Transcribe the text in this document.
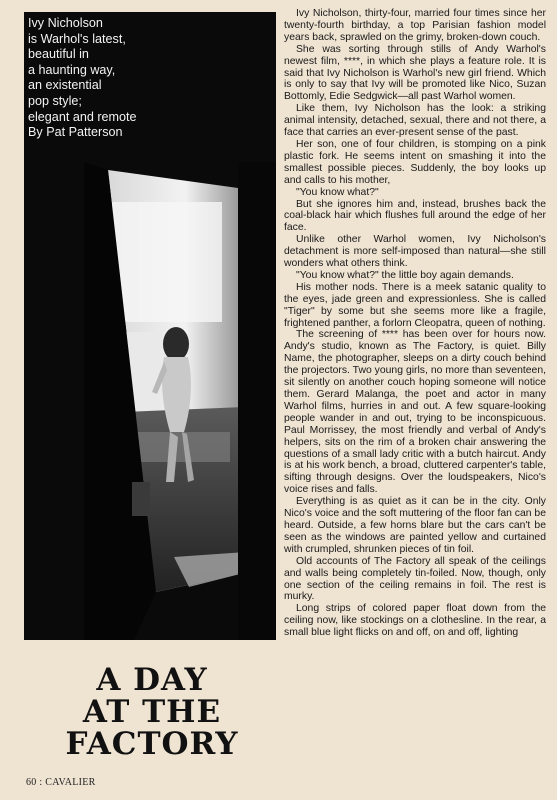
Ivy Nicholson
is Warhol's latest,
beautiful in
a haunting way,
an existential
pop style;
elegant and remote
By Pat Patterson

Ivy Nicholson, thirty-four, married four times since her twenty-fourth birthday, a top Parisian fashion model years back, sprawled on the grimy, broken-down couch.

She was sorting through stills of Andy Warhol's newest film, ****, in which she plays a feature role. It is said that Ivy Nicholson is Warhol's new girl friend. Which is only to say that Ivy will be promoted like Nico, Suzan Bottomly, Edie Sedgwick—all past Warhol women.

Like them, Ivy Nicholson has the look: a striking animal intensity, detached, sexual, there and not there, a face that carries an ever-present sense of the past.

Her son, one of four children, is stomping on a pink plastic fork. He seems intent on smashing it into the smallest possible pieces. Suddenly, the boy looks up and calls to his mother,

"You know what?"

But she ignores him and, instead, brushes back the coal-black hair which flushes full around the edge of her face.

Unlike other Warhol women, Ivy Nicholson's detachment is more self-imposed than natural—she still wonders what others think.

"You know what?" the little boy again demands.

His mother nods. There is a meek satanic quality to the eyes, jade green and expressionless. She is called "Tiger" by some but she seems more like a fragile, frightened panther, a forlorn Cleopatra, queen of nothing.

The screening of **** has been over for hours now. Andy's studio, known as The Factory, is quiet. Billy Name, the photographer, sleeps on a dirty couch behind the projectors. Two young girls, no more than seventeen, sit silently on another couch hoping someone will notice them. Gerard Malanga, the poet and actor in many Warhol films, hurries in and out. A few square-looking people wander in and out, trying to be inconspicuous. Paul Morrissey, the most friendly and verbal of Andy's helpers, sits on the rim of a broken chair answering the questions of a small lady critic with a butch haircut. Andy is at his work bench, a broad, cluttered carpenter's table, sifting through designs. Over the loudspeakers, Nico's voice rises and falls.

Everything is as quiet as it can be in the city. Only Nico's voice and the soft muttering of the floor fan can be heard. Outside, a few horns blare but the cars can't be seen as the windows are painted yellow and curtained with crumpled, shrunken pieces of tin foil.

Old accounts of The Factory all speak of the ceilings and walls being completely tin-foiled. Now, though, only one section of the ceiling remains in foil. The rest is murky.

Long strips of colored paper float down from the ceiling now, like stockings on a clothesline. In the rear, a small blue light flicks on and off, on and off, lighting

A DAY
AT THE
FACTORY
60 : CAVALIER
